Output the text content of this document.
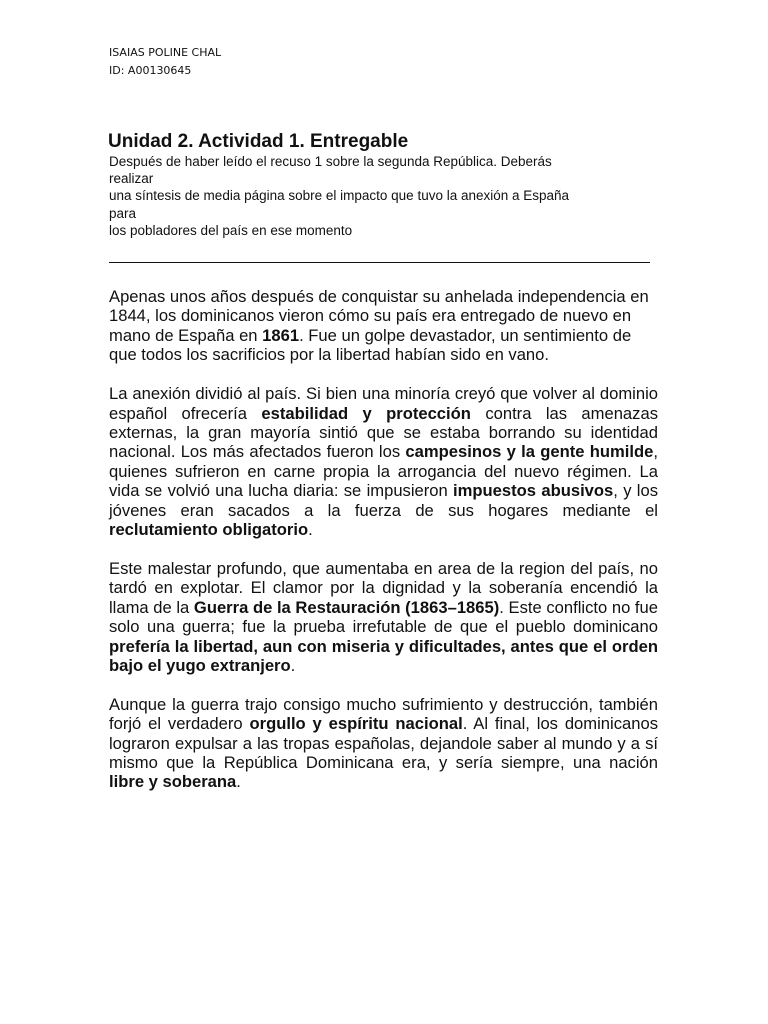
ISAIAS POLINE CHAL
ID: A00130645
Unidad 2. Actividad 1. Entregable
Después de haber leído el recuso 1 sobre la segunda República. Deberás
realizar
una síntesis de media página sobre el impacto que tuvo la anexión a España
para
los pobladores del país en ese momento

Apenas unos años después de conquistar su anhelada independencia en 1844, los dominicanos vieron cómo su país era entregado de nuevo en mano de España en 1861. Fue un golpe devastador, un sentimiento de que todos los sacrificios por la libertad habían sido en vano.

La anexión dividió al país. Si bien una minoría creyó que volver al dominio español ofrecería estabilidad y protección contra las amenazas externas, la gran mayoría sintió que se estaba borrando su identidad nacional. Los más afectados fueron los campesinos y la gente humilde, quienes sufrieron en carne propia la arrogancia del nuevo régimen. La vida se volvió una lucha diaria: se impusieron impuestos abusivos, y los jóvenes eran sacados a la fuerza de sus hogares mediante el reclutamiento obligatorio.

Este malestar profundo, que aumentaba en area de la region del país, no tardó en explotar. El clamor por la dignidad y la soberanía encendió la llama de la Guerra de la Restauración (1863–1865). Este conflicto no fue solo una guerra; fue la prueba irrefutable de que el pueblo dominicano prefería la libertad, aun con miseria y dificultades, antes que el orden bajo el yugo extranjero.

Aunque la guerra trajo consigo mucho sufrimiento y destrucción, también forjó el verdadero orgullo y espíritu nacional. Al final, los dominicanos lograron expulsar a las tropas españolas, dejandole saber al mundo y a sí mismo que la República Dominicana era, y sería siempre, una nación libre y soberana.
